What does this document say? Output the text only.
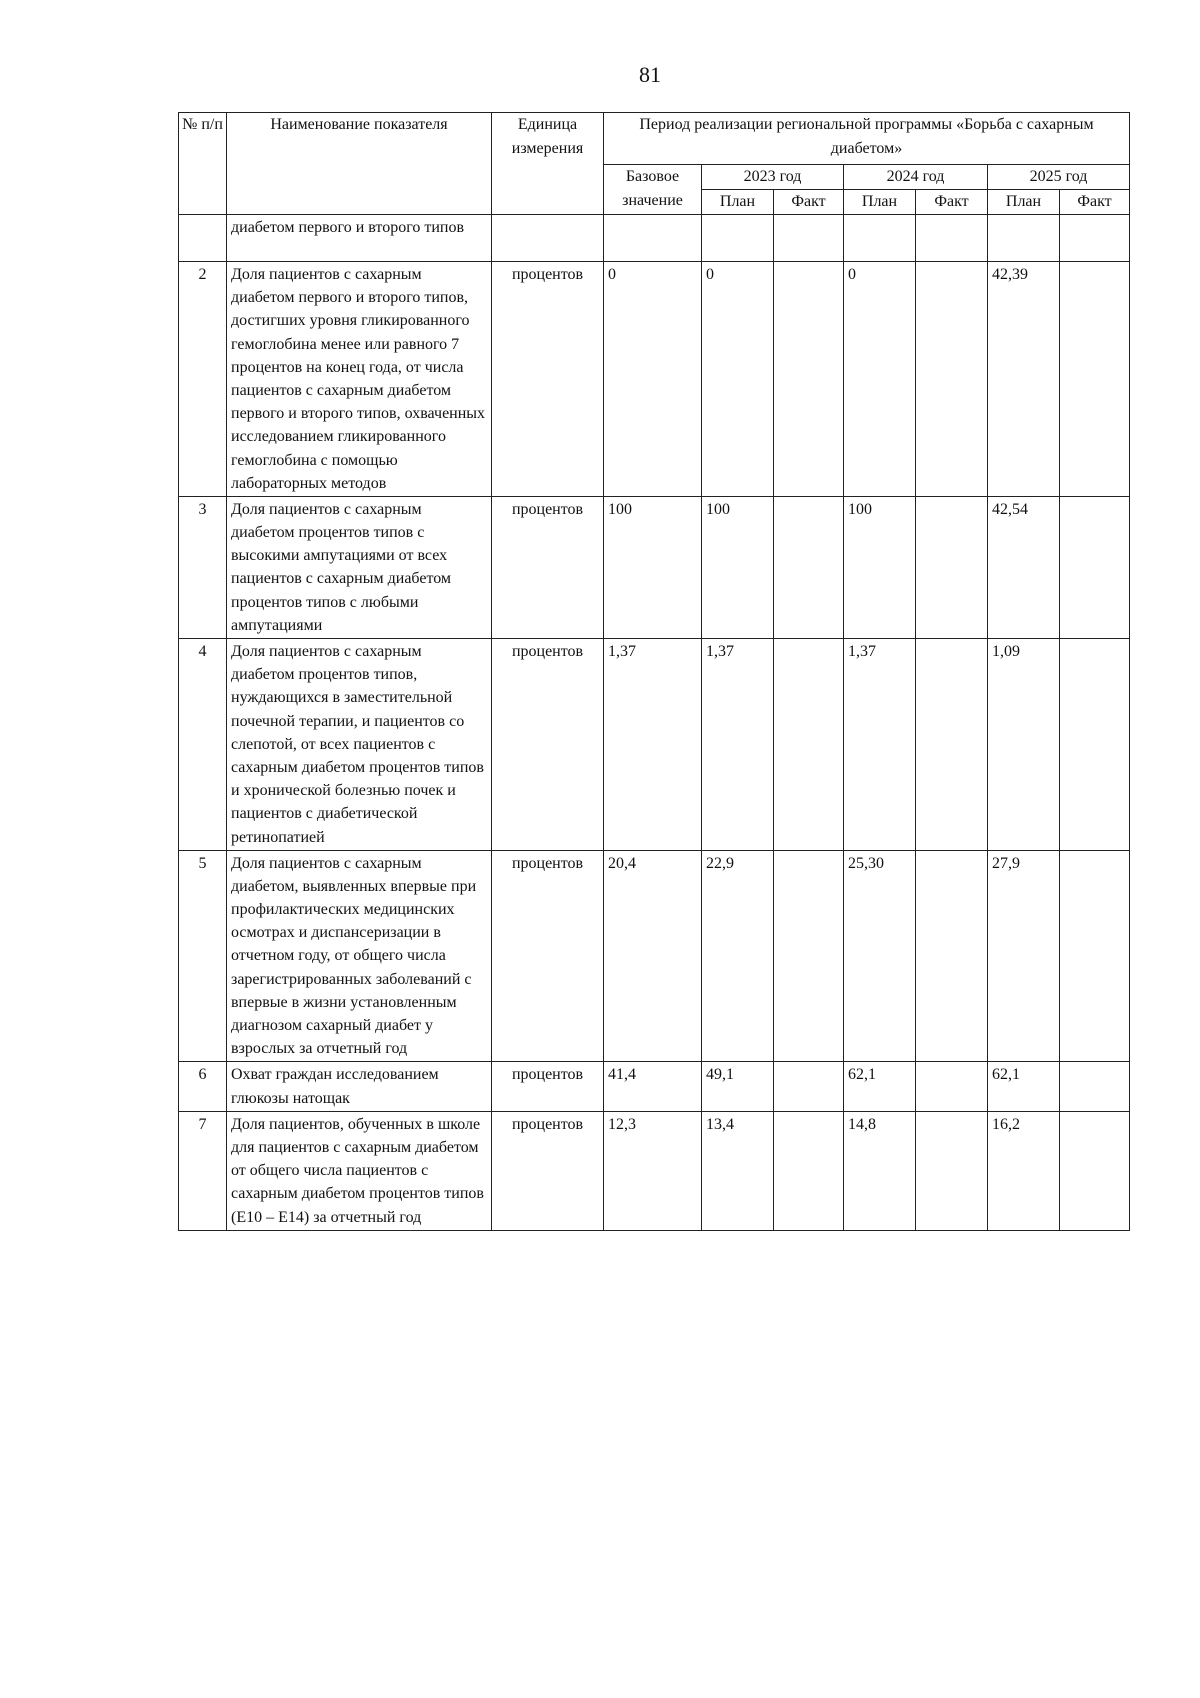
81
№ п/п	Наименование показателя	Единица измерения	Период реализации региональной программы «Борьба с сахарным диабетом»						
			Базовое значение	2023 год		2024 год		2025 год	
				План	Факт	План	Факт	План	Факт
	диабетом первого и второго типов								
2	Доля пациентов с сахарным диабетом первого и второго типов, достигших уровня гликированного гемоглобина менее или равного 7 процентов на конец года, от числа пациентов с сахарным диабетом первого и второго типов, охваченных исследованием гликированного гемоглобина с помощью лабораторных методов	процентов	0	0		0		42,39	
3	Доля пациентов с сахарным диабетом процентов типов с высокими ампутациями от всех пациентов с сахарным диабетом процентов типов с любыми ампутациями	процентов	100	100		100		42,54	
4	Доля пациентов с сахарным диабетом процентов типов, нуждающихся в заместительной почечной терапии, и пациентов со слепотой, от всех пациентов с сахарным диабетом процентов типов и хронической болезнью почек и пациентов с диабетической ретинопатией	процентов	1,37	1,37		1,37		1,09	
5	Доля пациентов с сахарным диабетом, выявленных впервые при профилактических медицинских осмотрах и диспансеризации в отчетном году, от общего числа зарегистрированных заболеваний с впервые в жизни установленным диагнозом сахарный диабет у взрослых за отчетный год	процентов	20,4	22,9		25,30		27,9	
6	Охват граждан исследованием глюкозы натощак	процентов	41,4	49,1		62,1		62,1	
7	Доля пациентов, обученных в школе для пациентов с сахарным диабетом от общего числа пациентов с сахарным диабетом процентов типов (Е10 – Е14) за отчетный год	процентов	12,3	13,4		14,8		16,2	
